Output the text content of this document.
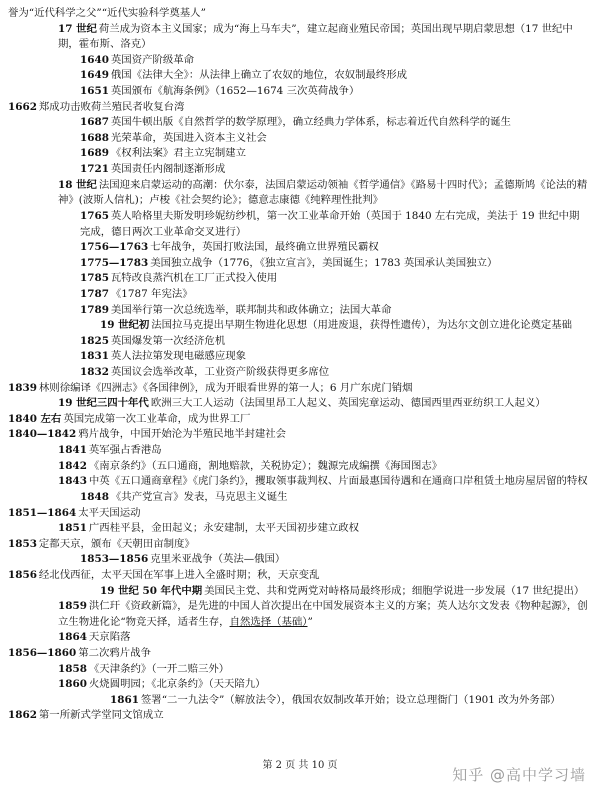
誉为“近代科学之父”“近代实验科学奠基人”
17 世纪 荷兰成为资本主义国家；成为“海上马车夫”，建立起商业殖民帝国；英国出现早期启蒙思想（17 世纪中期，霍布斯、洛克）
1640 英国资产阶级革命
1649 俄国《法律大全》：从法律上确立了农奴的地位，农奴制最终形成
1651 英国颁布《航海条例》（1652—1674 三次英荷战争）
1662 郑成功击败荷兰殖民者收复台湾
1687 英国牛顿出版《自然哲学的数学原理》，确立经典力学体系，标志着近代自然科学的诞生
1688 光荣革命，英国进入资本主义社会
1689 《权利法案》君主立宪制建立
1721 英国责任内阁制逐渐形成
18 世纪 法国迎来启蒙运动的高潮：伏尔泰，法国启蒙运动领袖《哲学通信》《路易十四时代》；孟德斯鸠《论法的精神》(波斯人信札)；卢梭《社会契约论》；德意志康德《纯粹理性批判》
1765 英人哈格里夫斯发明珍妮纺纱机，第一次工业革命开始（英国于 1840 左右完成，美法于 19 世纪中期完成，德日两次工业革命交叉进行）
1756—1763 七年战争，英国打败法国，最终确立世界殖民霸权
1775—1783 美国独立战争（1776，《独立宣言》，美国诞生；1783 英国承认美国独立）
1785 瓦特改良蒸汽机在工厂正式投入使用
1787 《1787 年宪法》
1789 美国举行第一次总统选举，联邦制共和政体确立；法国大革命
19 世纪初 法国拉马克提出早期生物进化思想（用进废退，获得性遗传），为达尔文创立进化论奠定基础
1825 英国爆发第一次经济危机
1831 英人法拉第发现电磁感应现象
1832 英国议会选举改革，工业资产阶级获得更多席位
1839 林则徐编译《四洲志》《各国律例》，成为开眼看世界的第一人；6 月广东虎门销烟
19 世纪三四十年代 欧洲三大工人运动（法国里昂工人起义、英国宪章运动、德国西里西亚纺织工人起义）
1840 左右 英国完成第一次工业革命，成为世界工厂
1840—1842 鸦片战争，中国开始沦为半殖民地半封建社会
1841 英军强占香港岛
1842 《南京条约》（五口通商，割地赔款，关税协定）；魏源完成编撰《海国图志》
1843 中英《五口通商章程》《虎门条约》，攫取领事裁判权、片面最惠国待遇和在通商口岸租赁土地房屋居留的特权
1848 《共产党宣言》发表，马克思主义诞生
1851—1864 太平天国运动
1851 广西桂平县，金田起义；永安建制，太平天国初步建立政权
1853 定都天京，颁布《天朝田亩制度》
1853—1856 克里米亚战争（英法—俄国）
1856 经北伐西征，太平天国在军事上进入全盛时期；秋，天京变乱
19 世纪 50 年代中期 美国民主党、共和党两党对峙格局最终形成；细胞学说进一步发展（17 世纪提出）
1859 洪仁玕《资政新篇》，是先进的中国人首次提出在中国发展资本主义的方案；英人达尔文发表《物种起源》，创立生物进化论“物竞天择，适者生存，自然选择（基础）”
1864 天京陷落
1856—1860 第二次鸦片战争
1858 《天津条约》（一开二赔三外）
1860 火烧圆明园；《北京条约》（天天陪九）
1861 签署“二一九法令”（解放法令），俄国农奴制改革开始；设立总理衙门（1901 改为外务部）
1862 第一所新式学堂同文馆成立
第 2 页 共 10 页
知乎 @高中学习墙
